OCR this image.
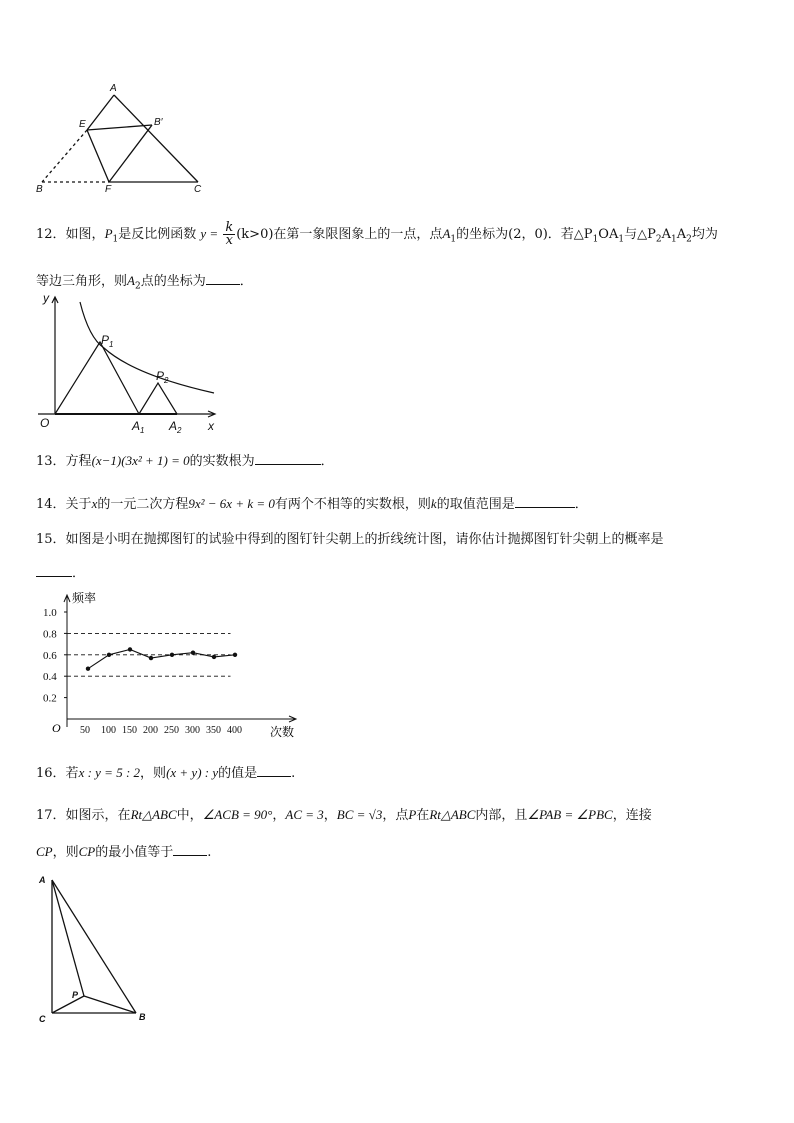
A
E	B′
B	F	C
12．如图，$P_1$是反比例函数 $y = \frac{k}{x} (k>0)$在第一象限图象上的一点，点$A_1$的坐标为(2，0)．若$\triangle P_1OA_1$与$\triangle P_2A_1A_2$均为
等边三角形，则$A_2$点的坐标为	．
y
x
O
$P_1$
$P_2$
$A_1$ $A_2$
13．方程(x−1)(3x² + 1) = 0的实数根为	．
14．关于x的一元二次方程9x² − 6x + k = 0有两个不相等的实数根，则k的取值范围是	．
15．如图是小明在抛掷图钉的试验中得到的图钉针尖朝上的折线统计图，请你估计抛掷图钉针尖朝上的概率是
．
频率
次数
O
0.2
0.4
0.6
0.8
1.0
50 100 150 200 250 300 350 400
16．若x : y = 5 : 2，则(x + y) : y的值是	.
17．如图示，在Rt△ABC中，∠ACB = 90°，AC = 3，BC = √3，点P在Rt△ABC内部，且∠PAB = ∠PBC，连接
CP，则CP的最小值等于	.
A
P
C	B
